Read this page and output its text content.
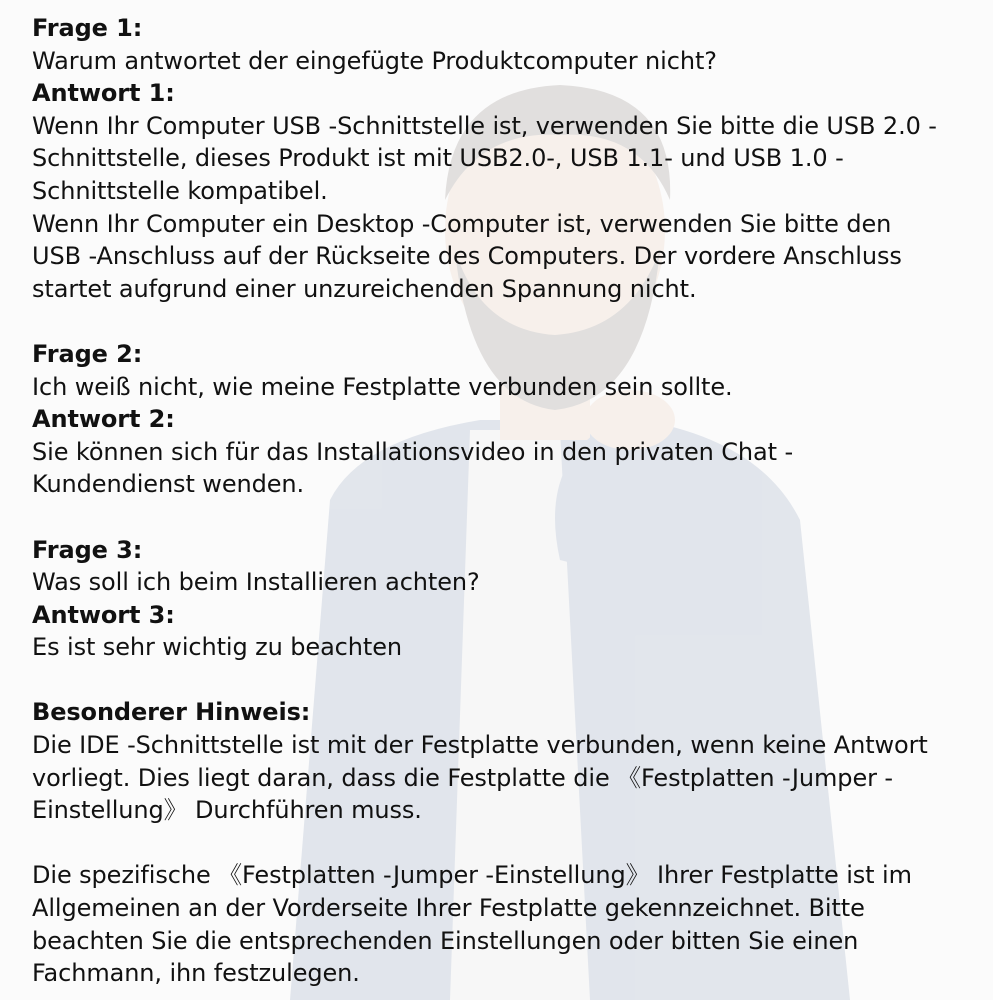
Frage 1:

Warum antwortet der eingefügte Produktcomputer nicht?

Antwort 1:

Wenn Ihr Computer USB -Schnittstelle ist, verwenden Sie bitte die USB 2.0 -Schnittstelle, dieses Produkt ist mit USB2.0-, USB 1.1- und USB 1.0 -Schnittstelle kompatibel.

Wenn Ihr Computer ein Desktop -Computer ist, verwenden Sie bitte den USB -Anschluss auf der Rückseite des Computers. Der vordere Anschluss startet aufgrund einer unzureichenden Spannung nicht.

Frage 2:

Ich weiß nicht, wie meine Festplatte verbunden sein sollte.

Antwort 2:

Sie können sich für das Installationsvideo in den privaten Chat - Kundendienst wenden.

Frage 3:

Was soll ich beim Installieren achten?

Antwort 3:

Es ist sehr wichtig zu beachten

Besonderer Hinweis:

Die IDE -Schnittstelle ist mit der Festplatte verbunden, wenn keine Antwort vorliegt. Dies liegt daran, dass die Festplatte die 《Festplatten -Jumper -Einstellung》 Durchführen muss.

Die spezifische 《Festplatten -Jumper -Einstellung》 Ihrer Festplatte ist im Allgemeinen an der Vorderseite Ihrer Festplatte gekennzeichnet. Bitte beachten Sie die entsprechenden Einstellungen oder bitten Sie einen Fachmann, ihn festzulegen.
